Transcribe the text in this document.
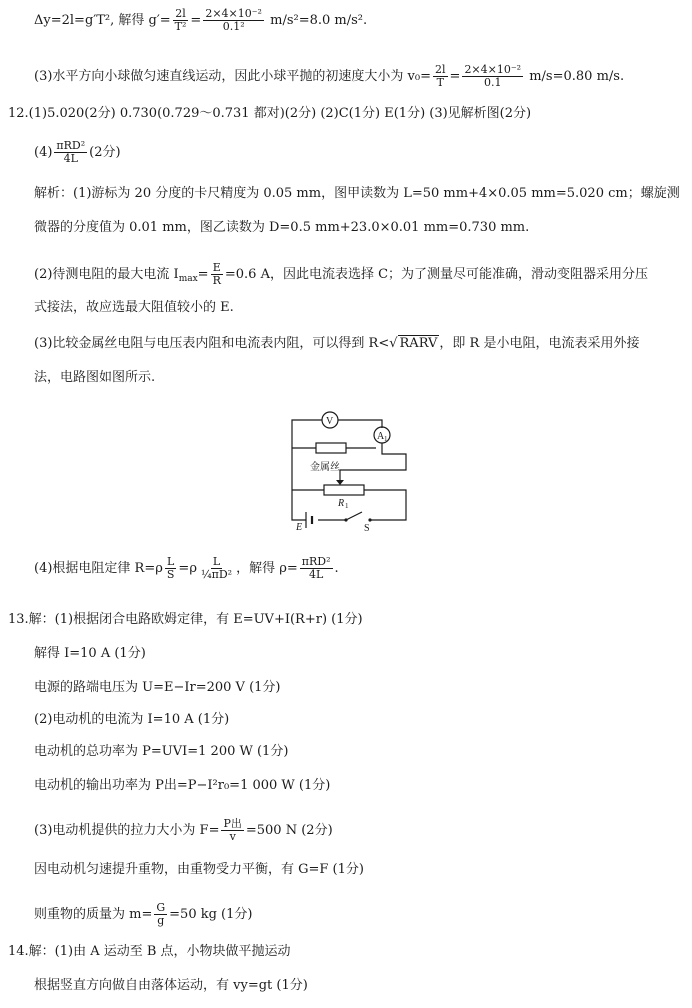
Δy=2l=g′T², 解得 $g'= \frac{2l}{\text{T²}} = \frac{\text{2×4×10⁻²}}{\text{0.1²}} m/s^2=8.0$ m/s².
(3)水平方向小球做匀速直线运动，因此小球平抛的初速度大小为 $v_0= \frac{2l}{T} = \frac{\text{2×4×10⁻²}}{0.1} m/s=0.80$ m/s.
12.(1)5.020(2分) 0.730(0.729～0.731 都对)(2分) (2)C(1分) E(1分) (3)见解析图(2分)
$(4) \frac{\text{πRD²}}{4L} (2$分)
解析：(1)游标为 20 分度的卡尺精度为 0.05 mm，图甲读数为 L=50 mm+4×0.05 mm=5.020 cm；螺旋测
微器的分度值为 0.01 mm，图乙读数为 D=0.5 mm+23.0×0.01 mm=0.730 mm.
(2)待测电阻的最大电流 $I_{max}= \frac{E}{R} =0.6$ A，因此电流表选择 C；为了测量尽可能准确，滑动变阻器采用分压
式接法，故应选最大阻值较小的 E.
(3)比较金属丝电阻与电压表内阻和电流表内阻，可以得到 R<√ RARV ，即 R 是小电阻，电流表采用外接
法，电路图如图所示.
V
A 1
金属丝
R 1
E	S
(4)根据电阻定律 $R=\rho \frac{L}{S} =\rho \frac{L}{\text{¼πD²}}$ ，解得 $\rho= \frac{\text{πRD²}}{4L}$ .
13.解：(1)根据闭合电路欧姆定律，有 E=UV+I(R+r) (1分)
解得 I=10 A (1分)
电源的路端电压为 U=E−Ir=200 V (1分)
(2)电动机的电流为 I=10 A (1分)
电动机的总功率为 P=UVI=1 200 W (1分)
电动机的输出功率为 P出=P−I²r₀=1 000 W (1分)
(3)电动机提供的拉力大小为 $F= \frac{\text{P出}}{v} =500$ N (2分)
因电动机匀速提升重物，由重物受力平衡，有 G=F (1分)
则重物的质量为 $m= \frac{G}{g} =50$ kg (1分)
14.解：(1)由 A 运动至 B 点，小物块做平抛运动
根据竖直方向做自由落体运动，有 vy=gt (1分)
